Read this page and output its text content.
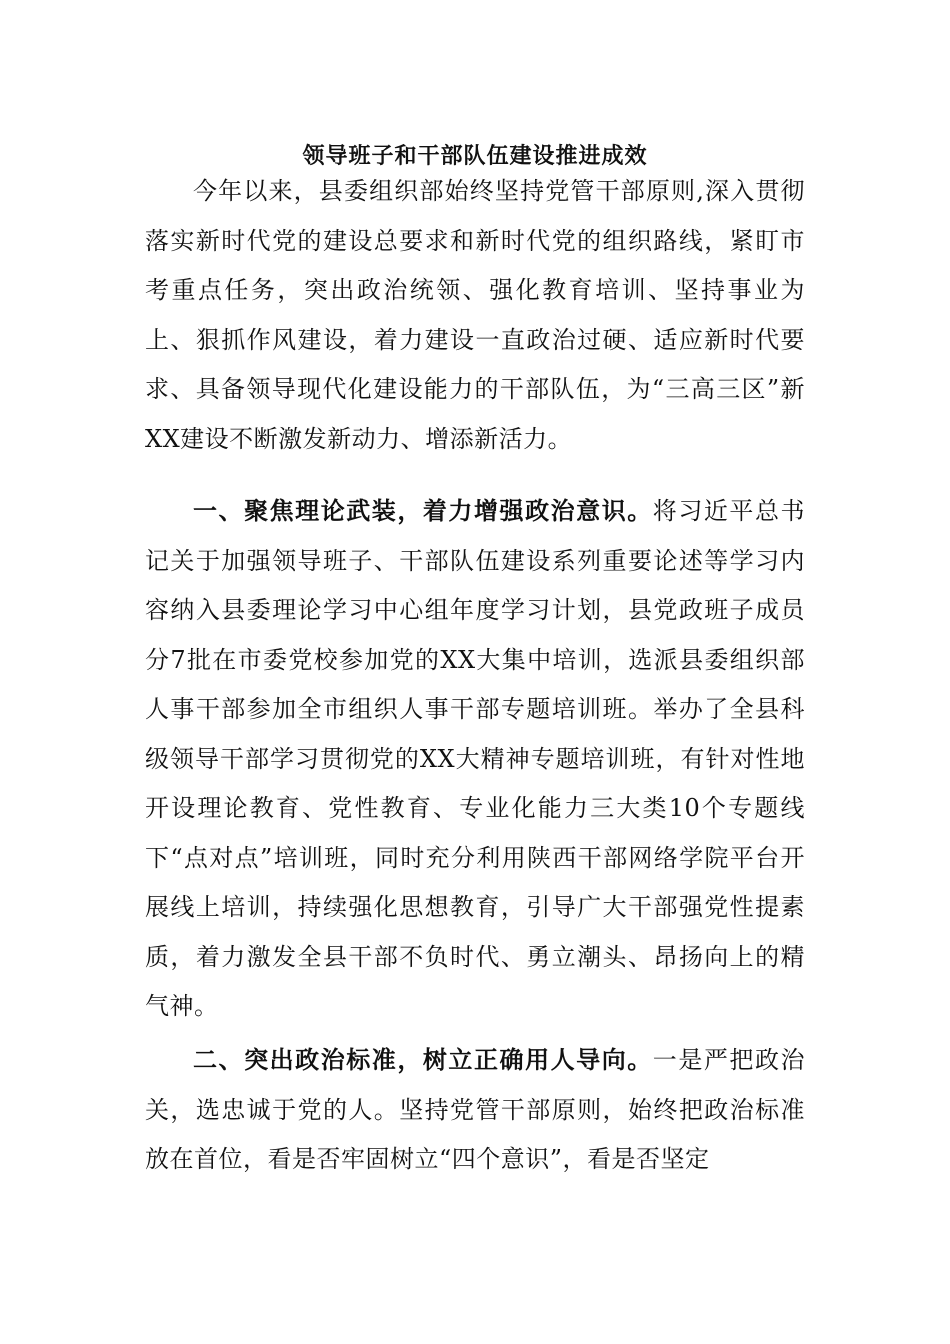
领导班子和干部队伍建设推进成效
今年以来，县委组织部始终坚持党管干部原则,深入贯彻落实新时代党的建设总要求和新时代党的组织路线，紧盯市考重点任务，突出政治统领、强化教育培训、坚持事业为上、狠抓作风建设，着力建设一直政治过硬、适应新时代要求、具备领导现代化建设能力的干部队伍，为“三高三区”新XX建设不断激发新动力、增添新活力。
一、聚焦理论武装，着力增强政治意识。将习近平总书记关于加强领导班子、干部队伍建设系列重要论述等学习内容纳入县委理论学习中心组年度学习计划，县党政班子成员分7批在市委党校参加党的XX大集中培训，选派县委组织部人事干部参加全市组织人事干部专题培训班。举办了全县科级领导干部学习贯彻党的XX大精神专题培训班，有针对性地开设理论教育、党性教育、专业化能力三大类10个专题线下“点对点”培训班，同时充分利用陕西干部网络学院平台开展线上培训，持续强化思想教育，引导广大干部强党性提素质，着力激发全县干部不负时代、勇立潮头、昂扬向上的精气神。
二、突出政治标准，树立正确用人导向。一是严把政治关，选忠诚于党的人。坚持党管干部原则，始终把政治标准放在首位，看是否牢固树立“四个意识”，看是否坚定
